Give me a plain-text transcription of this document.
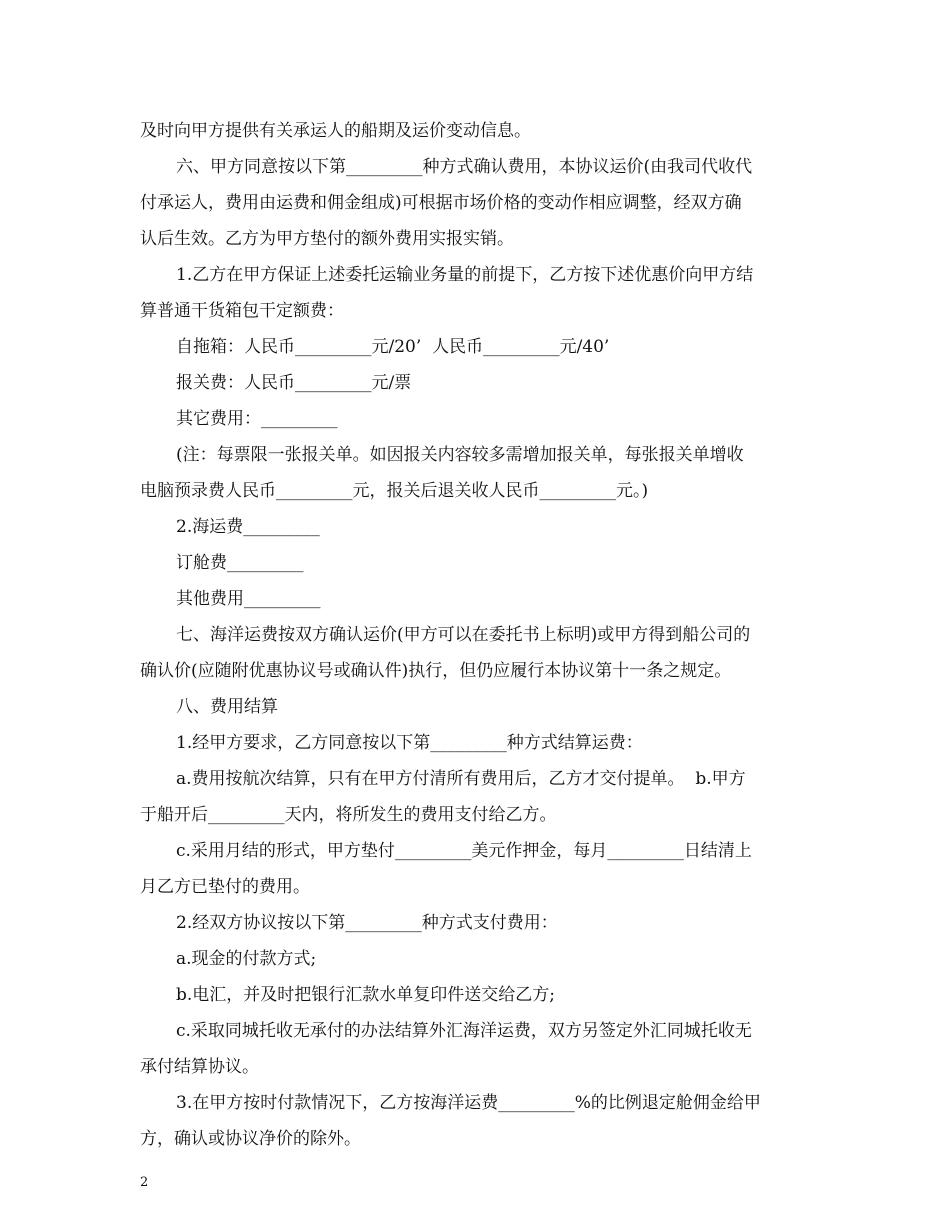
及时向甲方提供有关承运人的船期及运价变动信息。
六、甲方同意按以下第_________种方式确认费用，本协议运价(由我司代收代
付承运人，费用由运费和佣金组成)可根据市场价格的变动作相应调整，经双方确
认后生效。乙方为甲方垫付的额外费用实报实销。
1.乙方在甲方保证上述委托运输业务量的前提下，乙方按下述优惠价向甲方结
算普通干货箱包干定额费：
自拖箱：人民币_________元/20’  人民币_________元/40’
报关费：人民币_________元/票
其它费用：_________
(注：每票限一张报关单。如因报关内容较多需增加报关单，每张报关单增收
电脑预录费人民币_________元，报关后退关收人民币_________元。)
2.海运费_________
订舱费_________
其他费用_________
七、海洋运费按双方确认运价(甲方可以在委托书上标明)或甲方得到船公司的
确认价(应随附优惠协议号或确认件)执行，但仍应履行本协议第十一条之规定。
八、费用结算
1.经甲方要求，乙方同意按以下第_________种方式结算运费：
a.费用按航次结算，只有在甲方付清所有费用后，乙方才交付提单。  b.甲方
于船开后_________天内，将所发生的费用支付给乙方。
c.采用月结的形式，甲方垫付_________美元作押金，每月_________日结清上
月乙方已垫付的费用。
2.经双方协议按以下第_________种方式支付费用：
a.现金的付款方式;
b.电汇，并及时把银行汇款水单复印件送交给乙方;
c.采取同城托收无承付的办法结算外汇海洋运费，双方另签定外汇同城托收无
承付结算协议。
3.在甲方按时付款情况下，乙方按海洋运费_________%的比例退定舱佣金给甲
方，确认或协议净价的除外。
2
